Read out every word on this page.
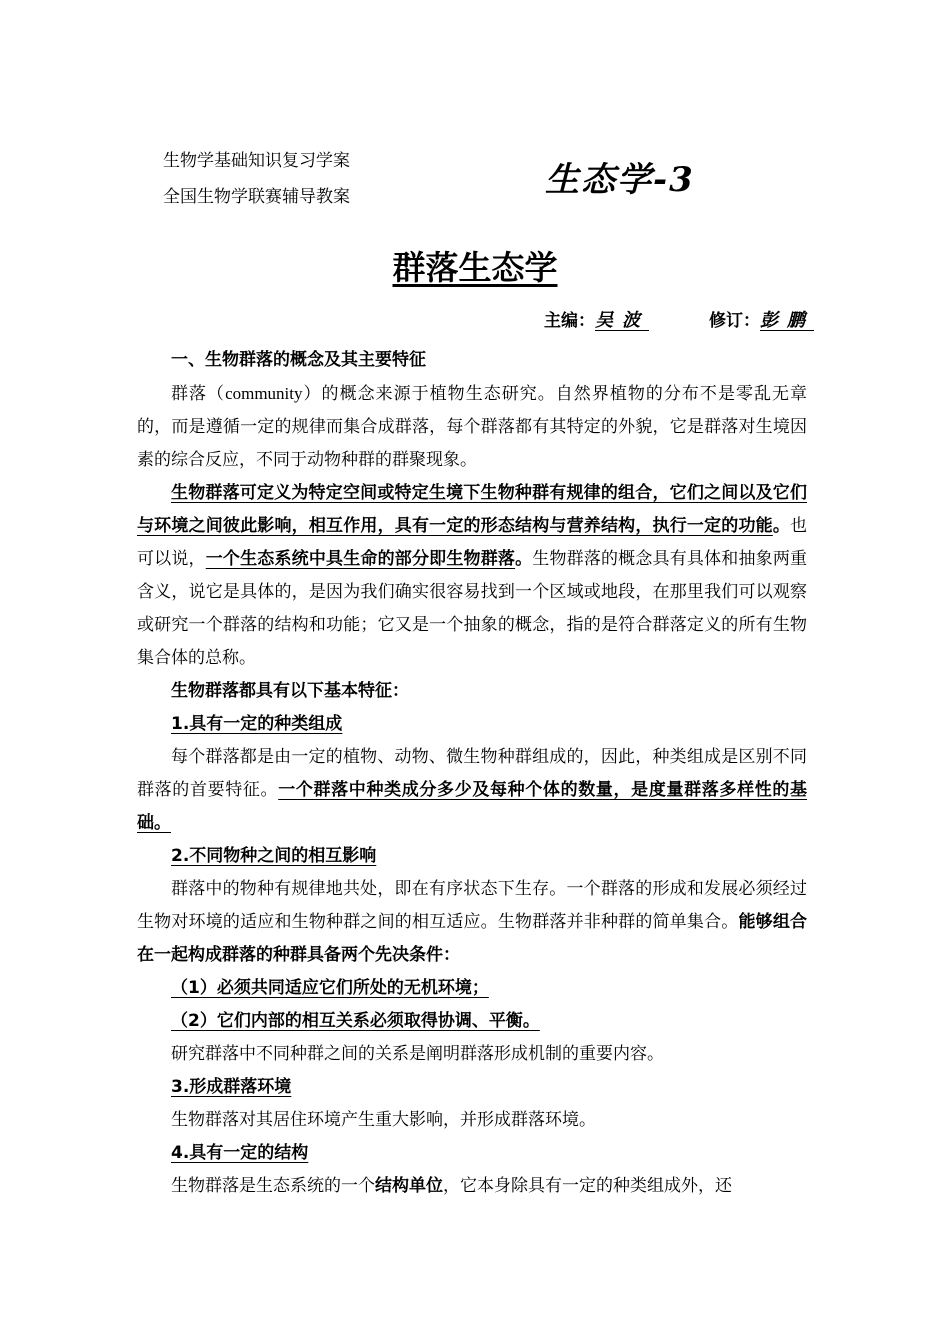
生物学基础知识复习学案
全国生物学联赛辅导教案	生态学-3
群落生态学
主编：吴波	修订：彭鹏

一、生物群落的概念及其主要特征

群落（community）的概念来源于植物生态研究。自然界植物的分布不是零乱无章的，而是遵循一定的规律而集合成群落，每个群落都有其特定的外貌，它是群落对生境因素的综合反应，不同于动物种群的群聚现象。

生物群落可定义为特定空间或特定生境下生物种群有规律的组合，它们之间以及它们与环境之间彼此影响，相互作用，具有一定的形态结构与营养结构，执行一定的功能。也可以说，一个生态系统中具生命的部分即生物群落。生物群落的概念具有具体和抽象两重含义，说它是具体的，是因为我们确实很容易找到一个区域或地段，在那里我们可以观察或研究一个群落的结构和功能；它又是一个抽象的概念，指的是符合群落定义的所有生物集合体的总称。

生物群落都具有以下基本特征：

1.具有一定的种类组成

每个群落都是由一定的植物、动物、微生物种群组成的，因此，种类组成是区别不同群落的首要特征。一个群落中种类成分多少及每种个体的数量，是度量群落多样性的基础。

2.不同物种之间的相互影响

群落中的物种有规律地共处，即在有序状态下生存。一个群落的形成和发展必须经过生物对环境的适应和生物种群之间的相互适应。生物群落并非种群的简单集合。能够组合在一起构成群落的种群具备两个先决条件：

（1）必须共同适应它们所处的无机环境；

（2）它们内部的相互关系必须取得协调、平衡。

研究群落中不同种群之间的关系是阐明群落形成机制的重要内容。

3.形成群落环境

生物群落对其居住环境产生重大影响，并形成群落环境。

4.具有一定的结构

生物群落是生态系统的一个结构单位，它本身除具有一定的种类组成外，还
